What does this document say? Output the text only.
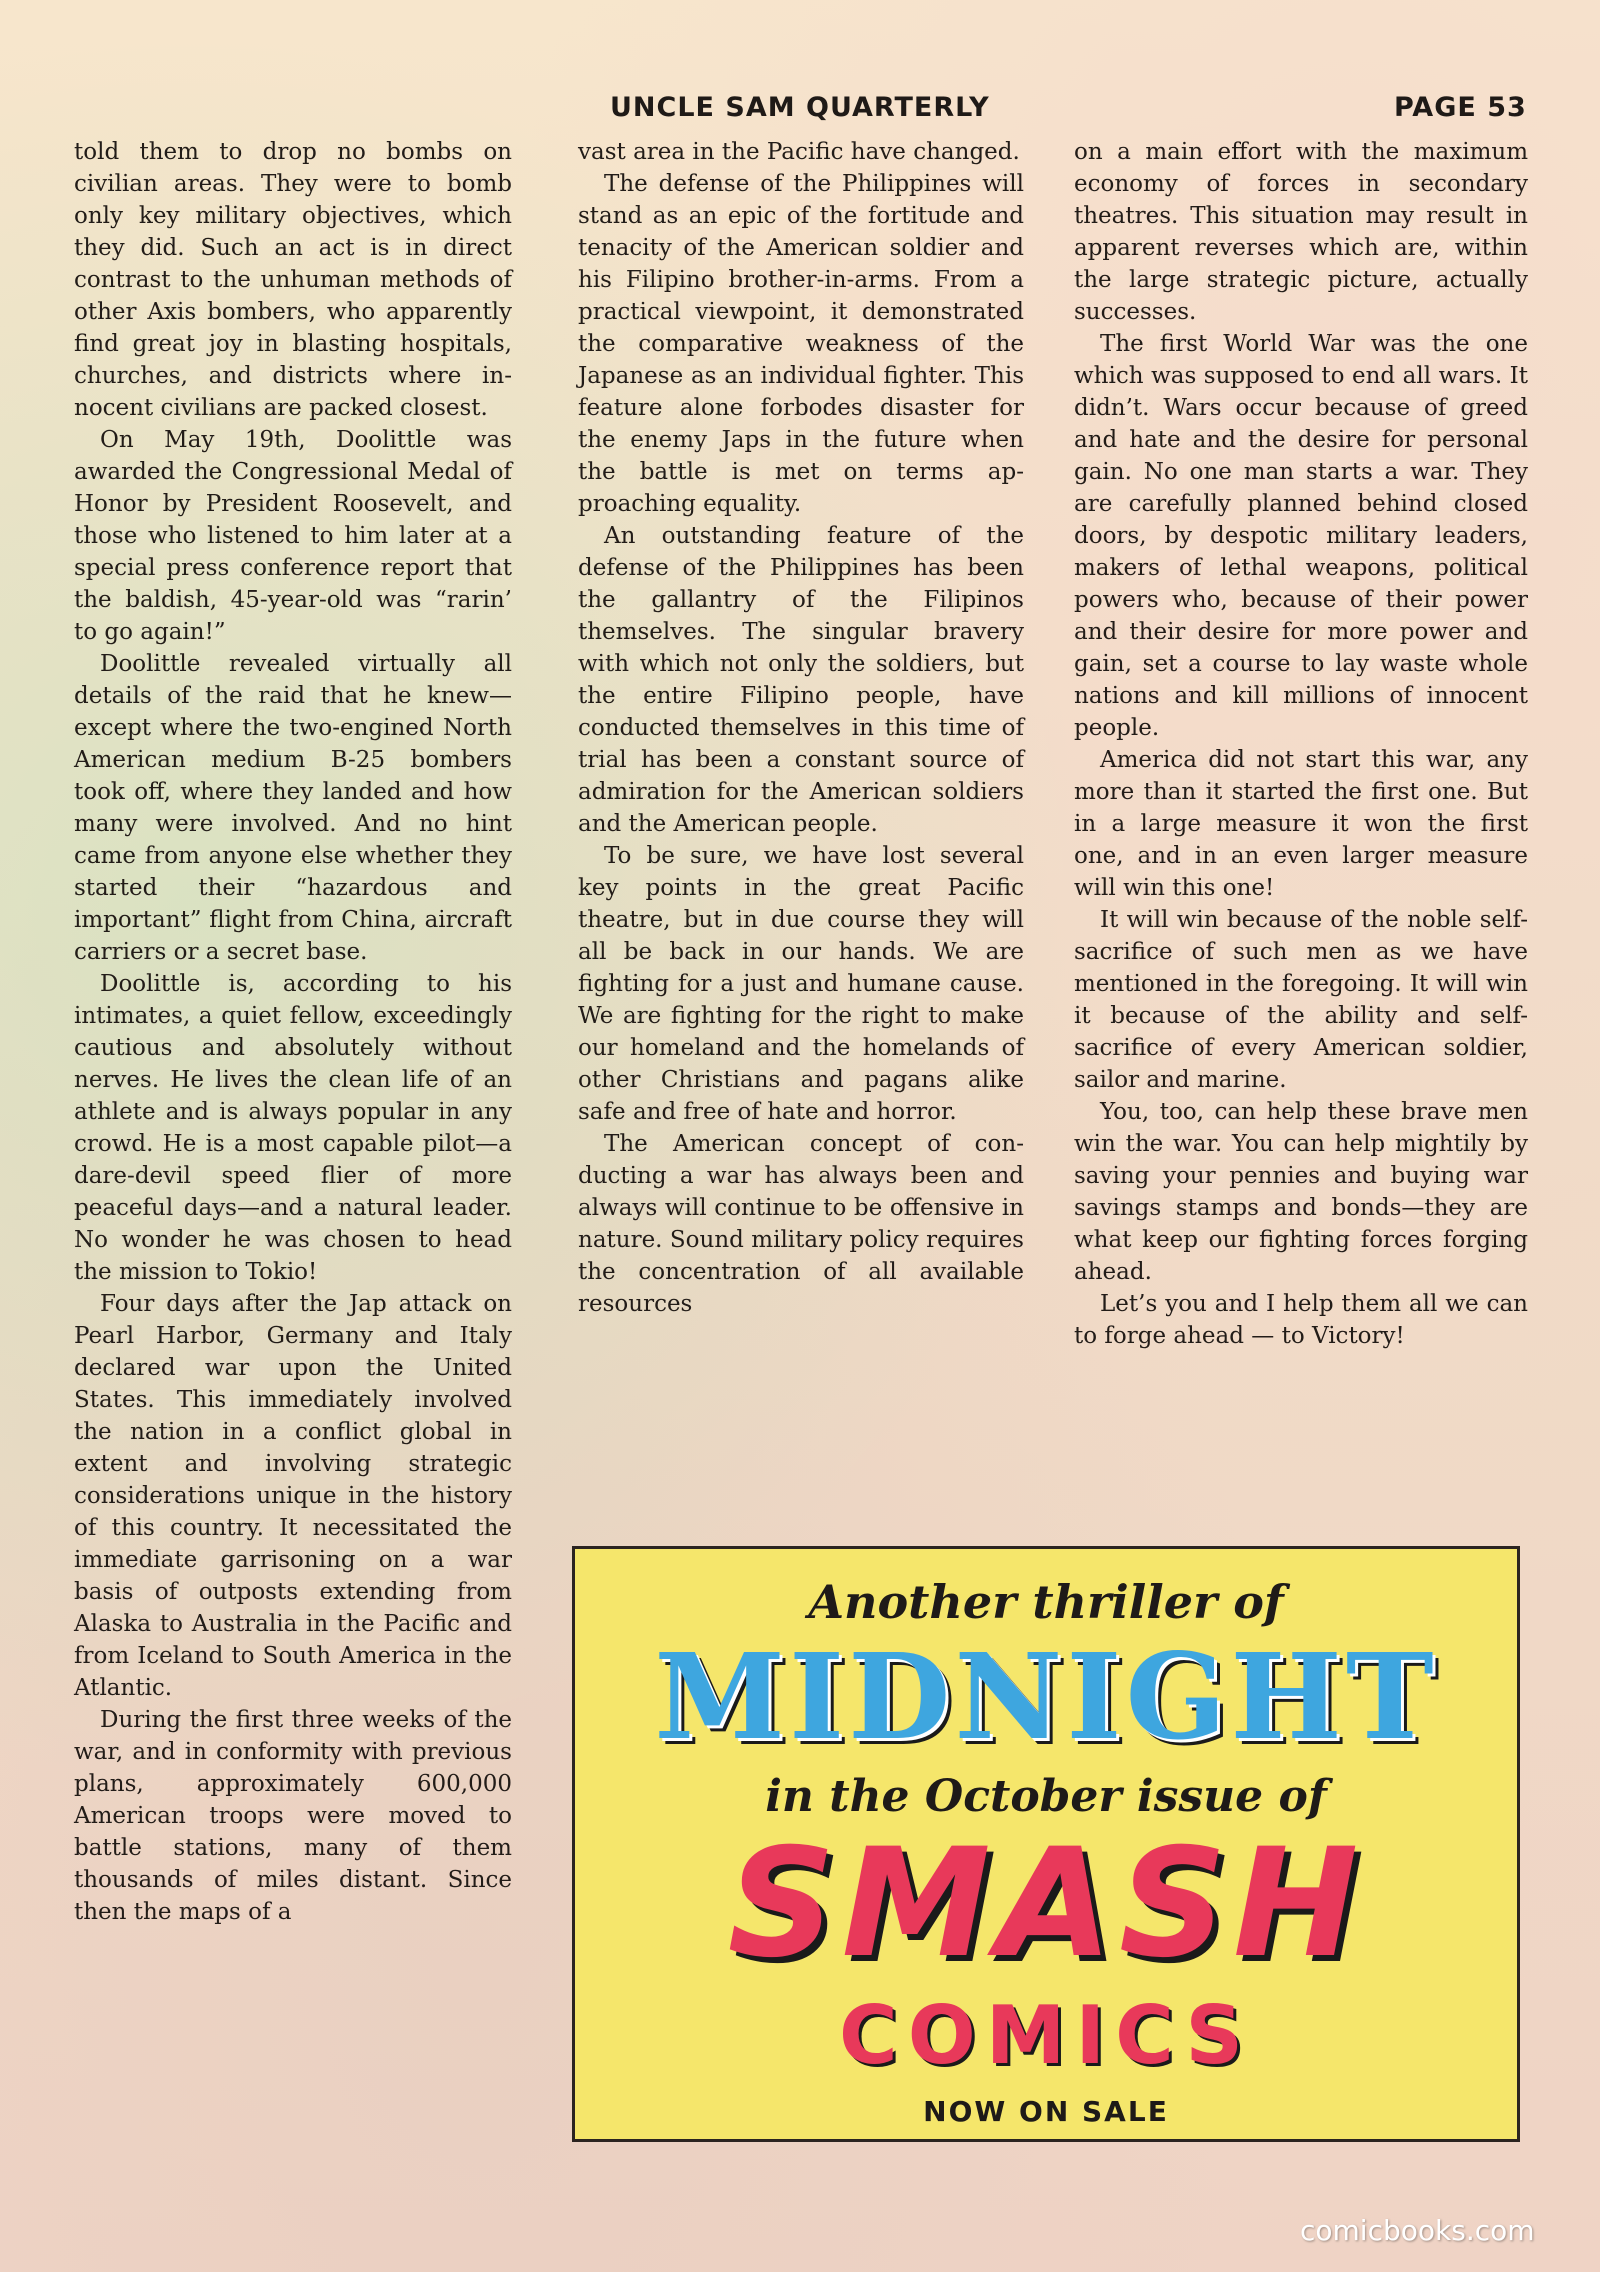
UNCLE SAM QUARTERLY	PAGE 53

told them to drop no bombs on civilian areas. They were to bomb only key military objectives, which they did. Such an act is in direct contrast to the unhuman methods of other Axis bombers, who apparently find great joy in blasting hospitals, churches, and districts where innocent civilians are packed closest.

On May 19th, Doolittle was awarded the Congressional Medal of Honor by President Roosevelt, and those who listened to him later at a special press conference report that the baldish, 45-year-old was “rarin’ to go again!”

Doolittle revealed virtually all details of the raid that he knew—except where the two-engined North American medium B-25 bombers took off, where they landed and how many were involved. And no hint came from anyone else whether they started their “hazardous and important” flight from China, aircraft carriers or a secret base.

Doolittle is, according to his intimates, a quiet fellow, exceedingly cautious and absolutely without nerves. He lives the clean life of an athlete and is always popular in any crowd. He is a most capable pilot—a dare-devil speed flier of more peaceful days—and a natural leader. No wonder he was chosen to head the mission to Tokio!

Four days after the Jap attack on Pearl Harbor, Germany and Italy declared war upon the United States. This immediately involved the nation in a conflict global in extent and involving strategic considerations unique in the history of this country. It necessitated the immediate garrisoning on a war basis of outposts extending from Alaska to Australia in the Pacific and from Iceland to South America in the Atlantic.

During the first three weeks of the war, and in conformity with previous plans, approximately 600,000 American troops were moved to battle stations, many of them thousands of miles distant. Since then the maps of a

vast area in the Pacific have changed.

The defense of the Philippines will stand as an epic of the fortitude and tenacity of the American soldier and his Filipino brother-in-arms. From a practical viewpoint, it demonstrated the comparative weakness of the Japanese as an individual fighter. This feature alone forbodes disaster for the enemy Japs in the future when the battle is met on terms approaching equality.

An outstanding feature of the defense of the Philippines has been the gallantry of the Filipinos themselves. The singular bravery with which not only the soldiers, but the entire Filipino people, have conducted themselves in this time of trial has been a constant source of admiration for the American soldiers and the American people.

To be sure, we have lost several key points in the great Pacific theatre, but in due course they will all be back in our hands. We are fighting for a just and humane cause. We are fighting for the right to make our homeland and the homelands of other Christians and pagans alike safe and free of hate and horror.

The American concept of conducting a war has always been and always will continue to be offensive in nature. Sound military policy requires the concentration of all available resources

on a main effort with the maximum economy of forces in secondary theatres. This situation may result in apparent reverses which are, within the large strategic picture, actually successes.

The first World War was the one which was supposed to end all wars. It didn’t. Wars occur because of greed and hate and the desire for personal gain. No one man starts a war. They are carefully planned behind closed doors, by despotic military leaders, makers of lethal weapons, political powers who, because of their power and their desire for more power and gain, set a course to lay waste whole nations and kill millions of innocent people.

America did not start this war, any more than it started the first one. But in a large measure it won the first one, and in an even larger measure will win this one!

It will win because of the noble self-sacrifice of such men as we have mentioned in the foregoing. It will win it because of the ability and self-sacrifice of every American soldier, sailor and marine.

You, too, can help these brave men win the war. You can help mightily by saving your pennies and buying war savings stamps and bonds—they are what keep our fighting forces forging ahead.

Let’s you and I help them all we can to forge ahead — to Victory!

Another thriller of
MIDNIGHT
in the October issue of
SMASH
COMICS
NOW ON SALE
comicbooks.com
